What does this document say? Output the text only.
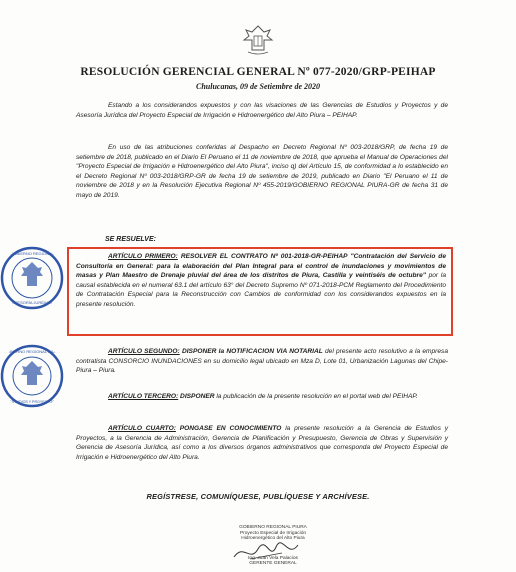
RESOLUCIÓN GERENCIAL GENERAL Nº 077-2020/GRP-PEIHAP
Chulucanas, 09 de Setiembre de 2020
Estando a los considerandos expuestos y con las visaciones de las Gerencias de Estudios y Proyectos y de Asesoría Jurídica del Proyecto Especial de Irrigación e Hidroenergético del Alto Piura – PEIHAP.
En uso de las atribuciones conferidas al Despacho en Decreto Regional Nº 003-2018/GRP, de fecha 19 de setiembre de 2018, publicado en el Diario El Peruano el 11 de noviembre de 2018, que aprueba el Manual de Operaciones del "Proyecto Especial de Irrigación e Hidroenergético del Alto Piura", inciso q) del Artículo 15, de conformidad a lo establecido en el Decreto Regional Nº 003-2018/GRP-GR de fecha 19 de setiembre de 2019, publicado en Diario "El Peruano el 11 de noviembre de 2018 y en la Resolución Ejecutiva Regional Nº 455-2019/GOBIERNO REGIONAL PIURA-GR de fecha 31 de mayo de 2019.
SE RESUELVE:
ARTÍCULO PRIMERO: RESOLVER EL CONTRATO Nº 001-2018-GR-PEIHAP "Contratación del Servicio de Consultoría en General: para la elaboración del Plan Integral para el control de inundaciones y movimientos de masas y Plan Maestro de Drenaje pluvial del área de los distritos de Piura, Castilla y veintiséis de octubre" por la causal establecida en el numeral 63.1 del artículo 63° del Decreto Supremo Nº 071-2018-PCM Reglamento del Procedimiento de Contratación Especial para la Reconstrucción con Cambios de conformidad con los considerandos expuestos en la presente resolución.
ARTÍCULO SEGUNDO: DISPONER la NOTIFICACION VIA NOTARIAL del presente acto resolutivo a la empresa contratista CONSORCIO INUNDACIONES en su domicilio legal ubicado en Mza D, Lote 01, Urbanización Lagunas del Chipe- Piura – Piura.
ARTÍCULO TERCERO: DISPONER la publicación de la presente resolución en el portal web del PEIHAP.
ARTÍCULO CUARTO: PONGASE EN CONOCIMIENTO la presente resolución a la Gerencia de Estudios y Proyectos, a la Gerencia de Administración, Gerencia de Planificación y Presupuesto, Gerencia de Obras y Supervisión y Gerencia de Asesoría Jurídica, así como a los diversos órganos administrativos que corresponda del Proyecto Especial de Irrigación e Hidroenergético del Alto Piura.
REGÍSTRESE, COMUNÍQUESE, PUBLÍQUESE Y ARCHÍVESE.
GOBIERNO REGIONAL
ASESORÍA JURÍDICA
GOBIERNO REGIONAL PIURA
ESTUDIOS Y PROYECTOS
GOBIERNO REGIONAL PIURA
Proyecto Especial de Irrigación
Hidroenergético del Alto Piura
Ing. Juan Vela Palacios
GERENTE GENERAL
